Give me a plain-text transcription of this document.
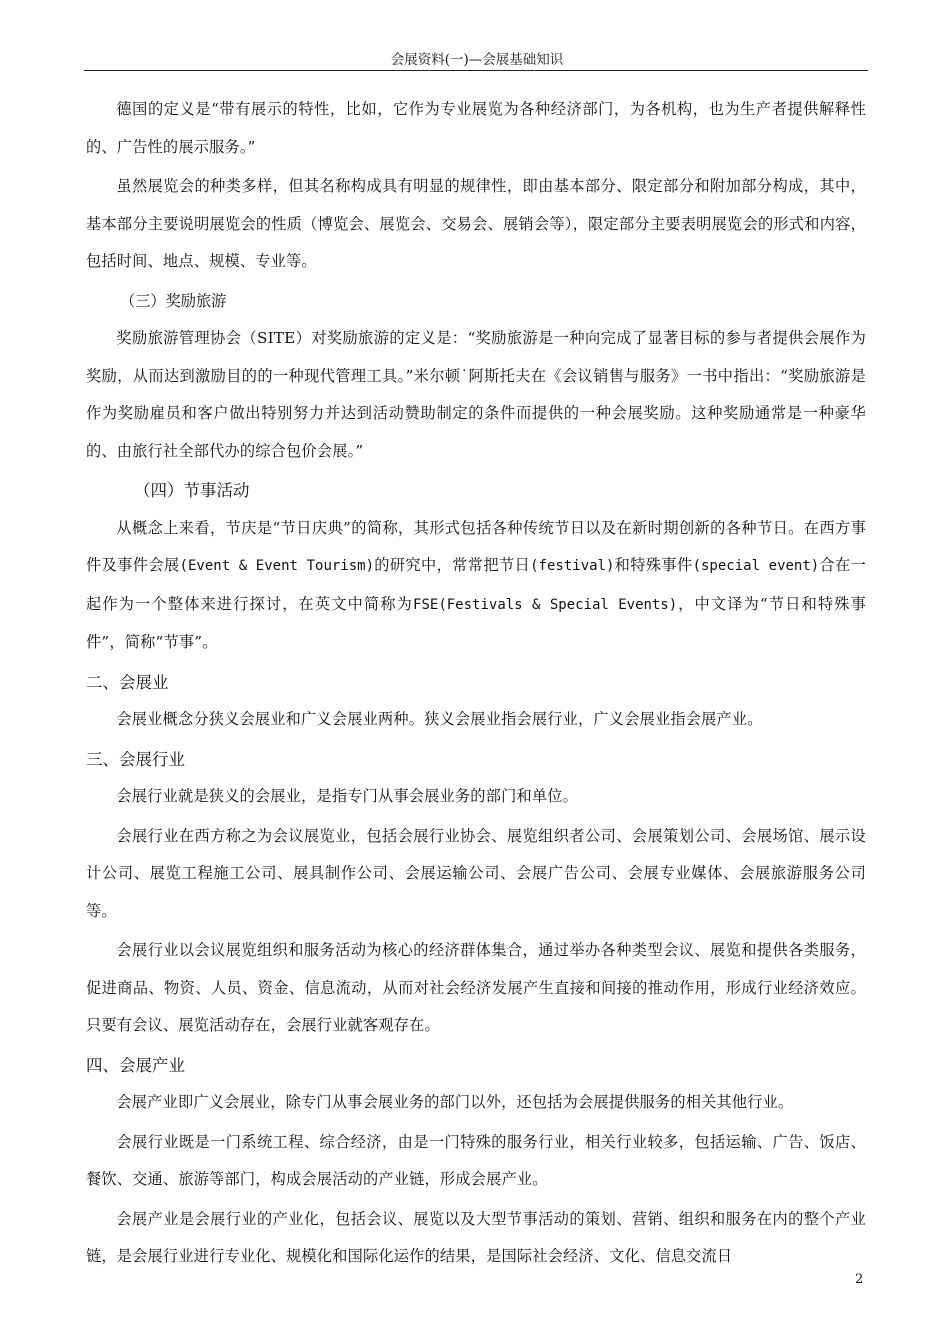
会展资料(一)—会展基础知识

德国的定义是“带有展示的特性，比如，它作为专业展览为各种经济部门，为各机构，也为生产者提供解释性的、广告性的展示服务。”

虽然展览会的种类多样，但其名称构成具有明显的规律性，即由基本部分、限定部分和附加部分构成，其中，基本部分主要说明展览会的性质（博览会、展览会、交易会、展销会等），限定部分主要表明展览会的形式和内容，包括时间、地点、规模、专业等。

（三）奖励旅游

奖励旅游管理协会（SITE）对奖励旅游的定义是：“奖励旅游是一种向完成了显著目标的参与者提供会展作为奖励，从而达到激励目的的一种现代管理工具。”米尔顿˙阿斯托夫在《会议销售与服务》一书中指出：“奖励旅游是作为奖励雇员和客户做出特别努力并达到活动赞助制定的条件而提供的一种会展奖励。这种奖励通常是一种豪华的、由旅行社全部代办的综合包价会展。”

（四）节事活动

从概念上来看，节庆是“节日庆典”的简称，其形式包括各种传统节日以及在新时期创新的各种节日。在西方事件及事件会展(Event & Event Tourism)的研究中，常常把节日(festival)和特殊事件(special event)合在一起作为一个整体来进行探讨，在英文中简称为FSE(Festivals & Special Events)，中文译为“节日和特殊事件”，简称“节事”。

二、会展业

会展业概念分狭义会展业和广义会展业两种。狭义会展业指会展行业，广义会展业指会展产业。

三、会展行业

会展行业就是狭义的会展业，是指专门从事会展业务的部门和单位。

会展行业在西方称之为会议展览业，包括会展行业协会、展览组织者公司、会展策划公司、会展场馆、展示设计公司、展览工程施工公司、展具制作公司、会展运输公司、会展广告公司、会展专业媒体、会展旅游服务公司等。

会展行业以会议展览组织和服务活动为核心的经济群体集合，通过举办各种类型会议、展览和提供各类服务，促进商品、物资、人员、资金、信息流动，从而对社会经济发展产生直接和间接的推动作用，形成行业经济效应。只要有会议、展览活动存在，会展行业就客观存在。

四、会展产业

会展产业即广义会展业，除专门从事会展业务的部门以外，还包括为会展提供服务的相关其他行业。

会展行业既是一门系统工程、综合经济，由是一门特殊的服务行业，相关行业较多，包括运输、广告、饭店、餐饮、交通、旅游等部门，构成会展活动的产业链，形成会展产业。

会展产业是会展行业的产业化，包括会议、展览以及大型节事活动的策划、营销、组织和服务在内的整个产业链，是会展行业进行专业化、规模化和国际化运作的结果，是国际社会经济、文化、信息交流日

2
